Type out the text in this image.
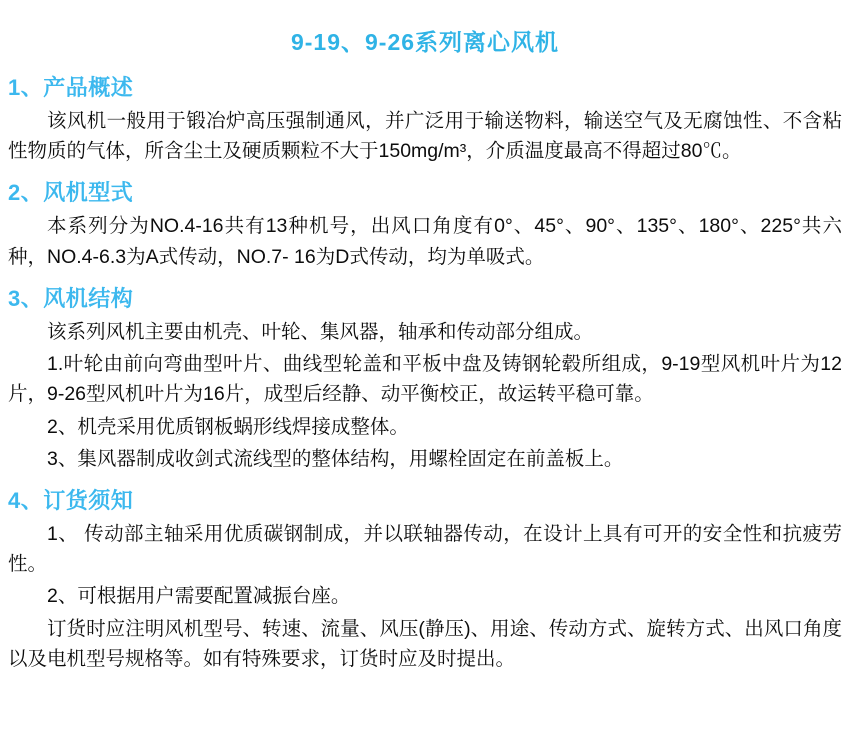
9-19、9-26系列离心风机
1、产品概述

该风机一般用于锻冶炉高压强制通风，并广泛用于输送物料，输送空气及无腐蚀性、不含粘性物质的气体，所含尘土及硬质颗粒不大于150mg/m³，介质温度最高不得超过80℃。

2、风机型式

本系列分为NO.4-16共有13种机号，出风口角度有0°、45°、90°、135°、180°、225°共六种，NO.4-6.3为A式传动，NO.7- 16为D式传动，均为单吸式。

3、风机结构

该系列风机主要由机壳、叶轮、集风器，轴承和传动部分组成。

1.叶轮由前向弯曲型叶片、曲线型轮盖和平板中盘及铸钢轮毂所组成，9-19型风机叶片为12片，9-26型风机叶片为16片，成型后经静、动平衡校正，故运转平稳可靠。

2、机壳采用优质钢板蜗形线焊接成整体。

3、集风器制成收剑式流线型的整体结构，用螺栓固定在前盖板上。

4、订货须知

1、 传动部主轴采用优质碳钢制成，并以联轴器传动，在设计上具有可开的安全性和抗疲劳性。

2、可根据用户需要配置减振台座。

订货时应注明风机型号、转速、流量、风压(静压)、用途、传动方式、旋转方式、出风口角度以及电机型号规格等。如有特殊要求，订货时应及时提出。
